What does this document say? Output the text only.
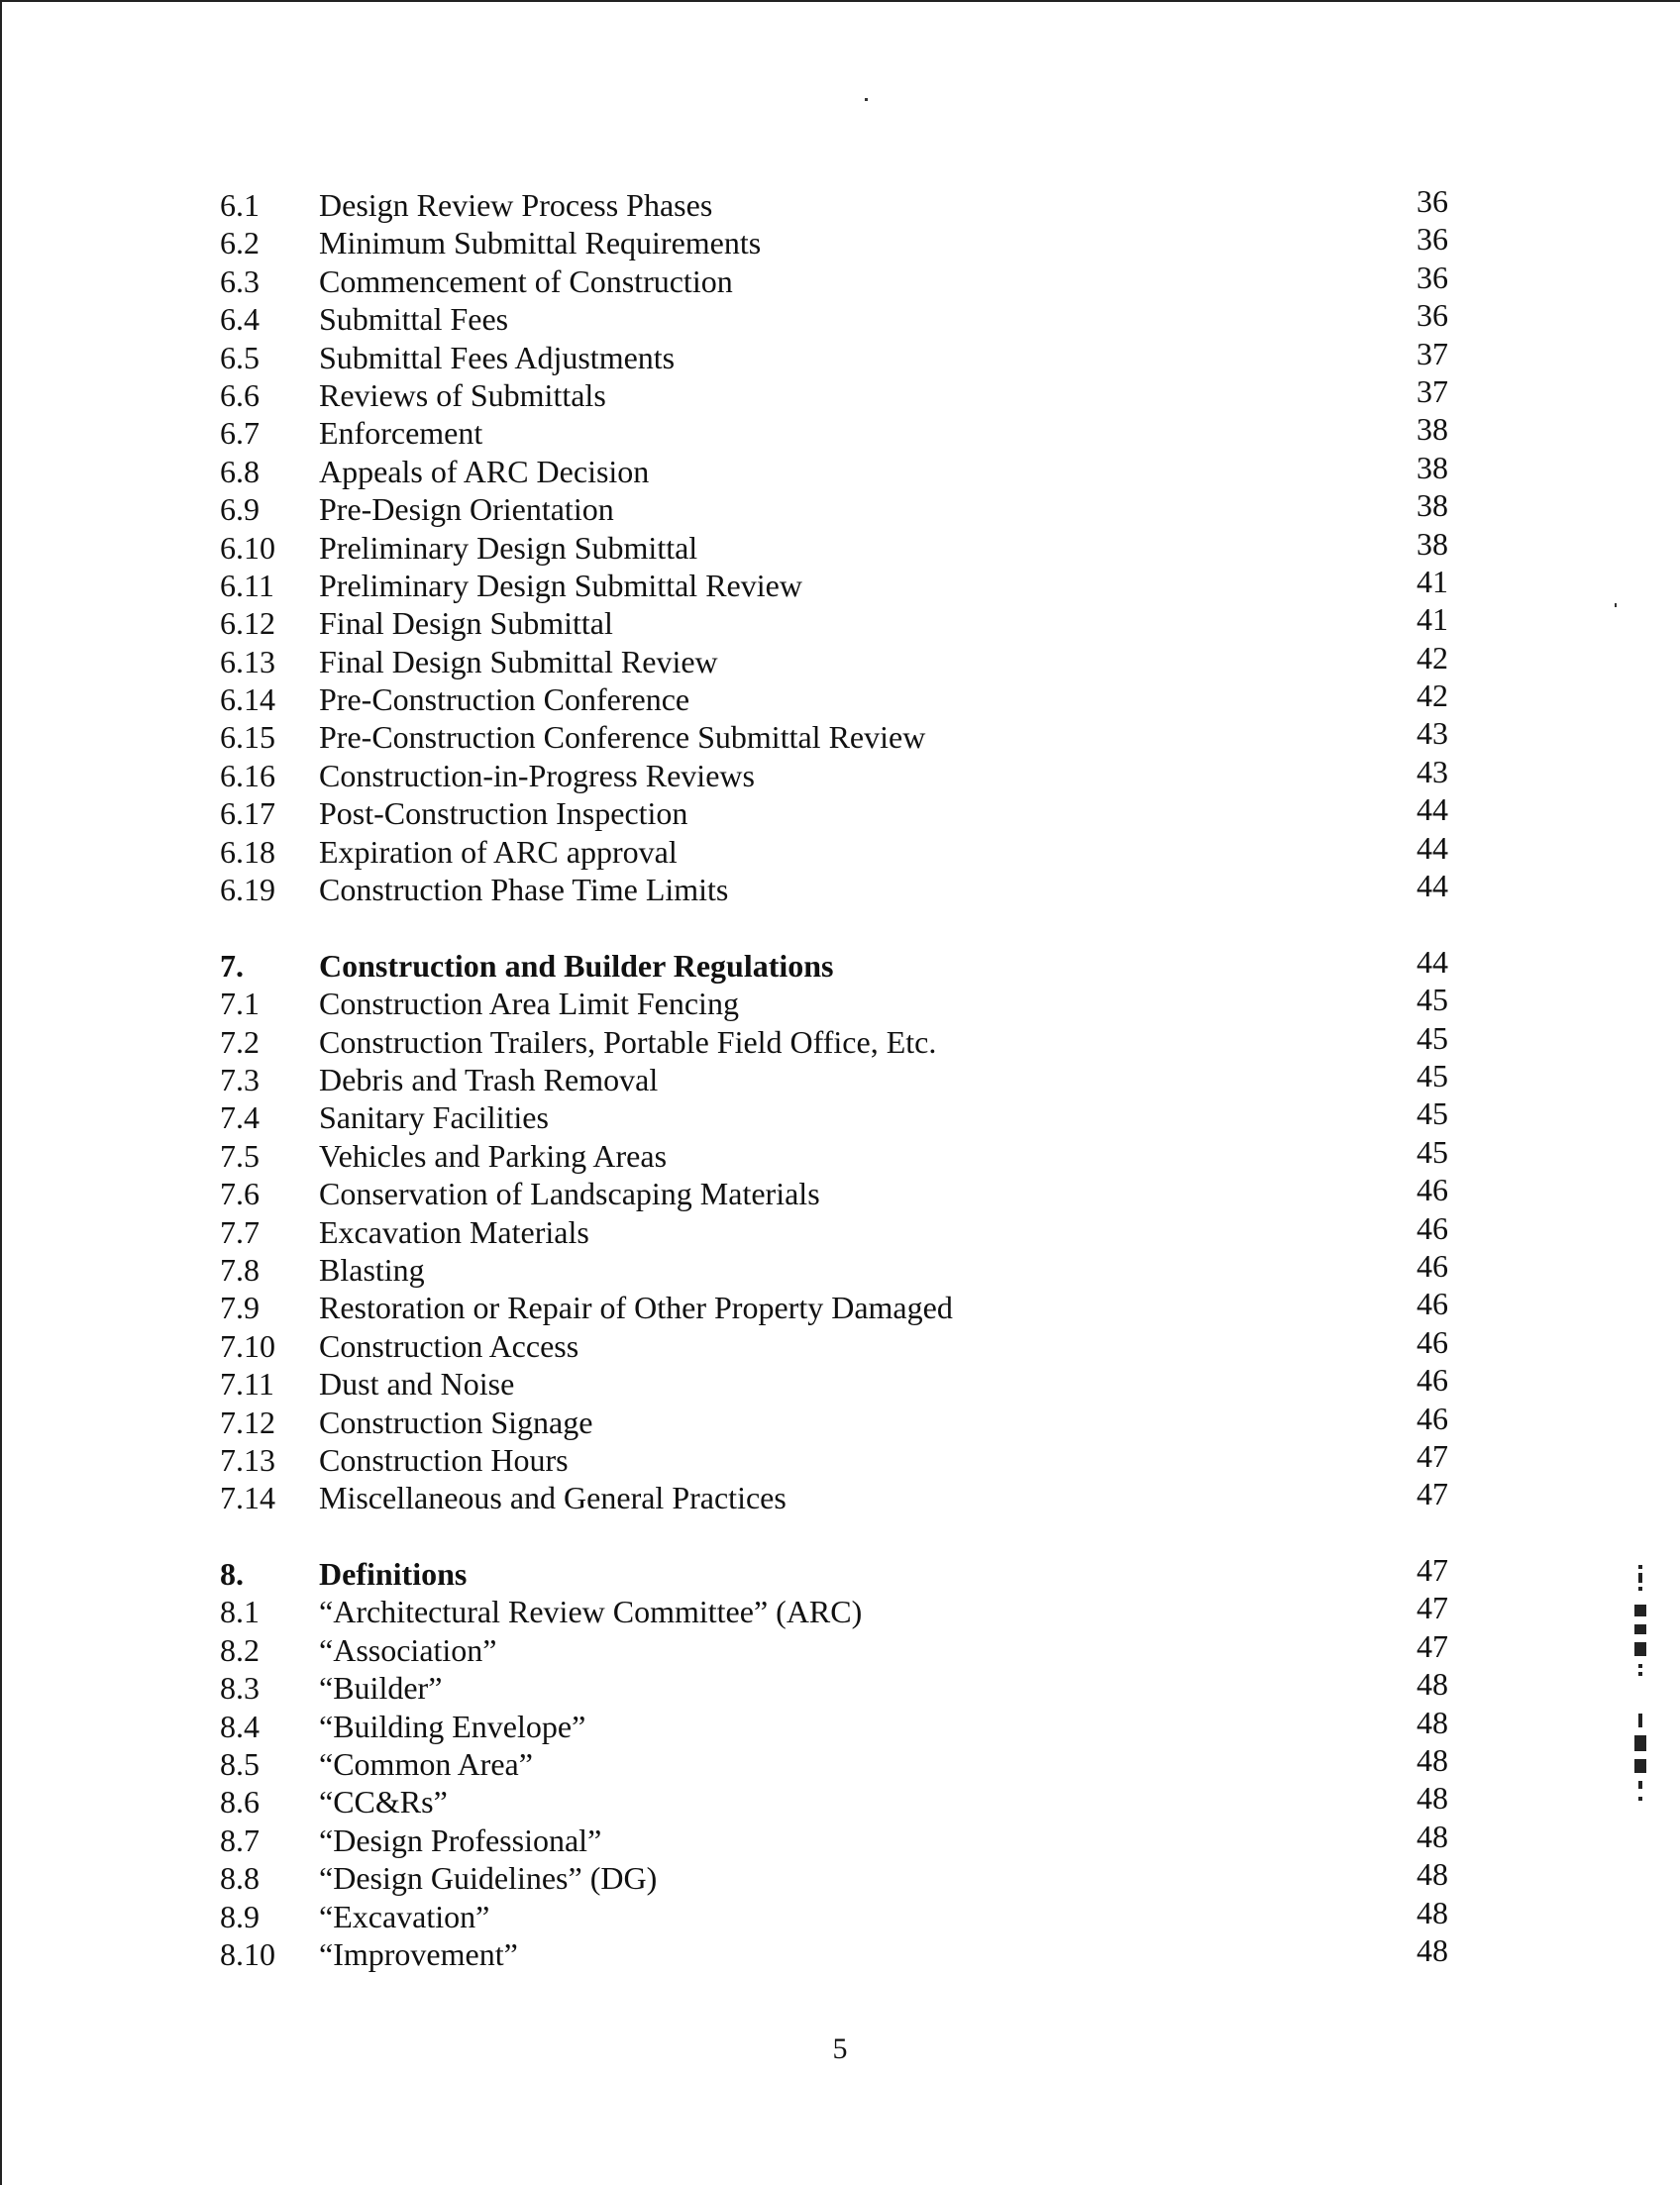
6.1 Design Review Process Phases	36
6.2 Minimum Submittal Requirements	36
6.3 Commencement of Construction	36
6.4 Submittal Fees	36
6.5 Submittal Fees Adjustments	37
6.6 Reviews of Submittals	37
6.7 Enforcement	38
6.8 Appeals of ARC Decision	38
6.9 Pre-Design Orientation	38
6.10 Preliminary Design Submittal	38
6.11 Preliminary Design Submittal Review	41
6.12 Final Design Submittal	41
6.13 Final Design Submittal Review	42
6.14 Pre-Construction Conference	42
6.15 Pre-Construction Conference Submittal Review	43
6.16 Construction-in-Progress Reviews	43
6.17 Post-Construction Inspection	44
6.18 Expiration of ARC approval	44
6.19 Construction Phase Time Limits	44
7. Construction and Builder Regulations	44
7.1 Construction Area Limit Fencing	45
7.2 Construction Trailers, Portable Field Office, Etc.	45
7.3 Debris and Trash Removal	45
7.4 Sanitary Facilities	45
7.5 Vehicles and Parking Areas	45
7.6 Conservation of Landscaping Materials	46
7.7 Excavation Materials	46
7.8 Blasting	46
7.9 Restoration or Repair of Other Property Damaged	46
7.10 Construction Access	46
7.11 Dust and Noise	46
7.12 Construction Signage	46
7.13 Construction Hours	47
7.14 Miscellaneous and General Practices	47
8. Definitions	47
8.1 “Architectural Review Committee” (ARC)	47
8.2 “Association”	47
8.3 “Builder”	48
8.4 “Building Envelope”	48
8.5 “Common Area”	48
8.6 “CC&Rs”	48
8.7 “Design Professional”	48
8.8 “Design Guidelines” (DG)	48
8.9 “Excavation”	48
8.10 “Improvement”	48
5
